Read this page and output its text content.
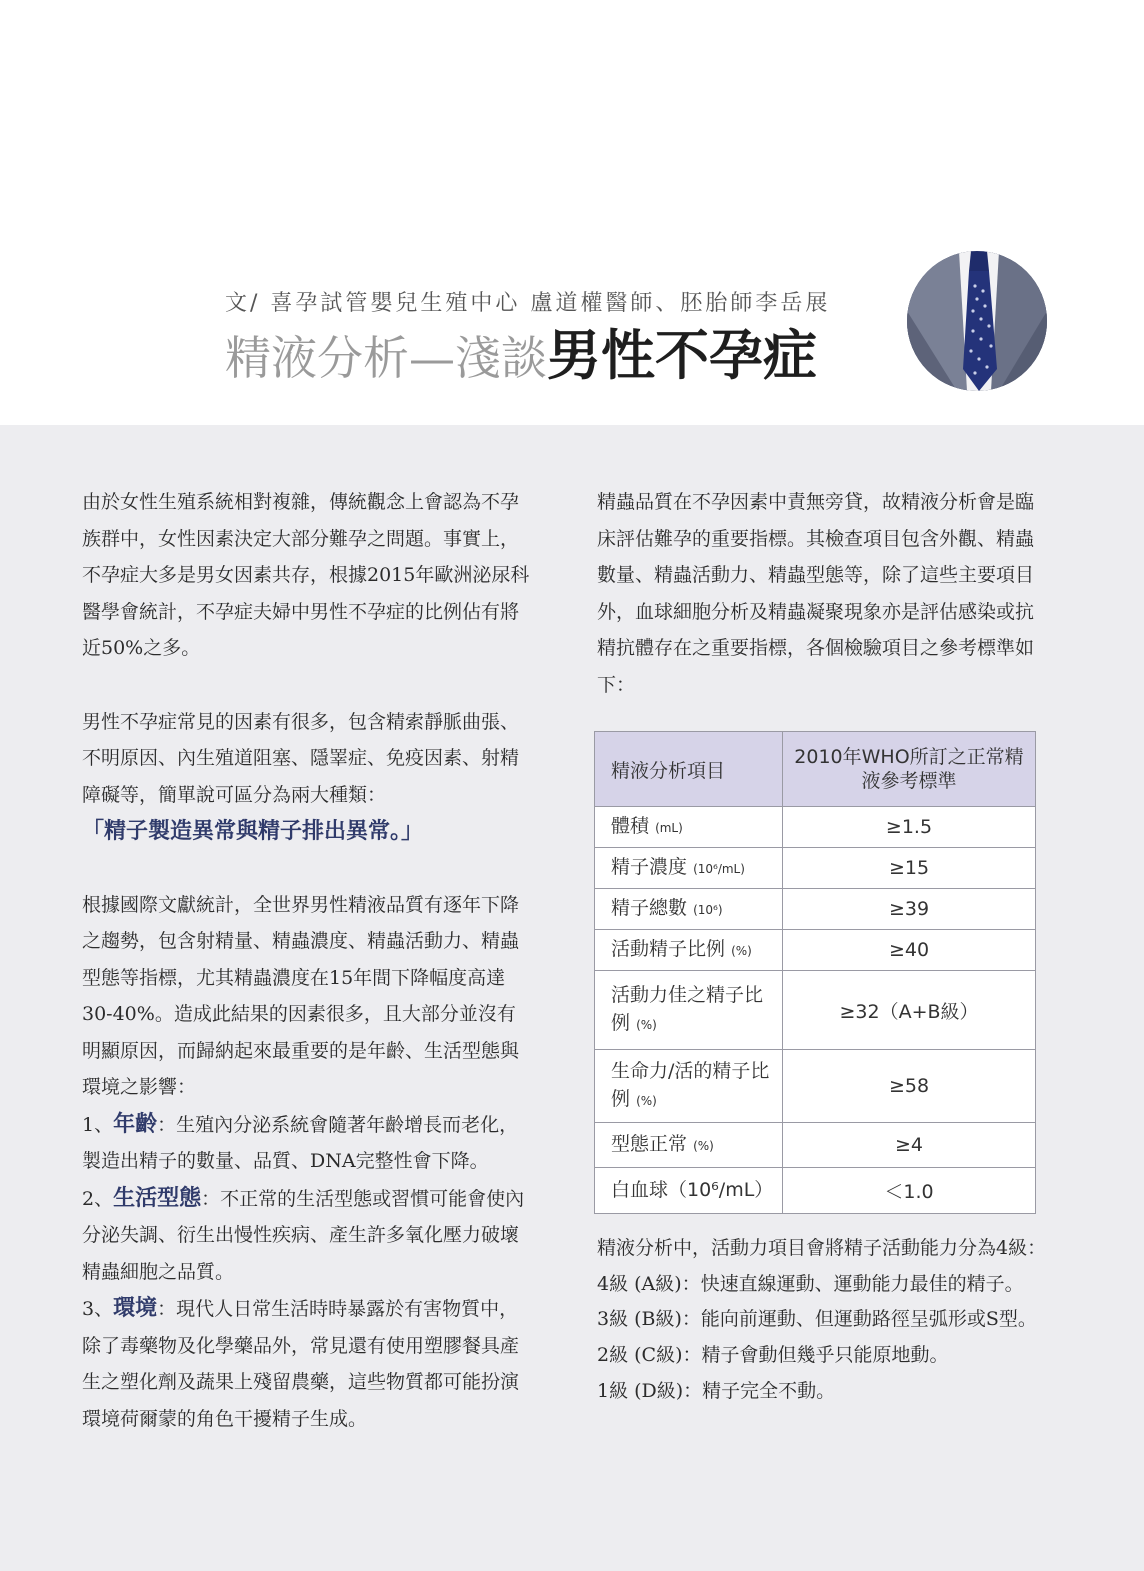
文/ 喜孕試管嬰兒生殖中心 盧道權醫師、胚胎師李岳展
精液分析—淺談男性不孕症

由於女性生殖系統相對複雜，傳統觀念上會認為不孕族群中，女性因素決定大部分難孕之問題。事實上，不孕症大多是男女因素共存，根據2015年歐洲泌尿科醫學會統計，不孕症夫婦中男性不孕症的比例佔有將近50%之多。

男性不孕症常見的因素有很多，包含精索靜脈曲張、不明原因、內生殖道阻塞、隱睪症、免疫因素、射精障礙等，簡單說可區分為兩大種類：

「精子製造異常與精子排出異常。」

根據國際文獻統計，全世界男性精液品質有逐年下降之趨勢，包含射精量、精蟲濃度、精蟲活動力、精蟲型態等指標，尤其精蟲濃度在15年間下降幅度高達30-40%。造成此結果的因素很多，且大部分並沒有明顯原因，而歸納起來最重要的是年齡、生活型態與環境之影響：

1、年齡：生殖內分泌系統會隨著年齡增長而老化，製造出精子的數量、品質、DNA完整性會下降。

2、生活型態：不正常的生活型態或習慣可能會使內分泌失調、衍生出慢性疾病、產生許多氧化壓力破壞精蟲細胞之品質。

3、環境：現代人日常生活時時暴露於有害物質中，除了毒藥物及化學藥品外，常見還有使用塑膠餐具產生之塑化劑及蔬果上殘留農藥，這些物質都可能扮演環境荷爾蒙的角色干擾精子生成。

精蟲品質在不孕因素中責無旁貸，故精液分析會是臨床評估難孕的重要指標。其檢查項目包含外觀、精蟲數量、精蟲活動力、精蟲型態等，除了這些主要項目外，血球細胞分析及精蟲凝聚現象亦是評估感染或抗精抗體存在之重要指標，各個檢驗項目之參考標準如下：

精液分析項目	2010年WHO所訂之正常精液參考標準
體積 (mL)	≥1.5
精子濃度 (10⁶/mL)	≥15
精子總數 (10⁶)	≥39
活動精子比例 (%)	≥40
活動力佳之精子比例 (%)	≥32（A+B級）
生命力/活的精子比例 (%)	≥58
型態正常 (%)	≥4
白血球（10⁶/mL）	＜1.0

精液分析中，活動力項目會將精子活動能力分為4級：

4級 (A級)：快速直線運動、運動能力最佳的精子。

3級 (B級)：能向前運動、但運動路徑呈弧形或S型。

2級 (C級)：精子會動但幾乎只能原地動。

1級 (D級)：精子完全不動。
